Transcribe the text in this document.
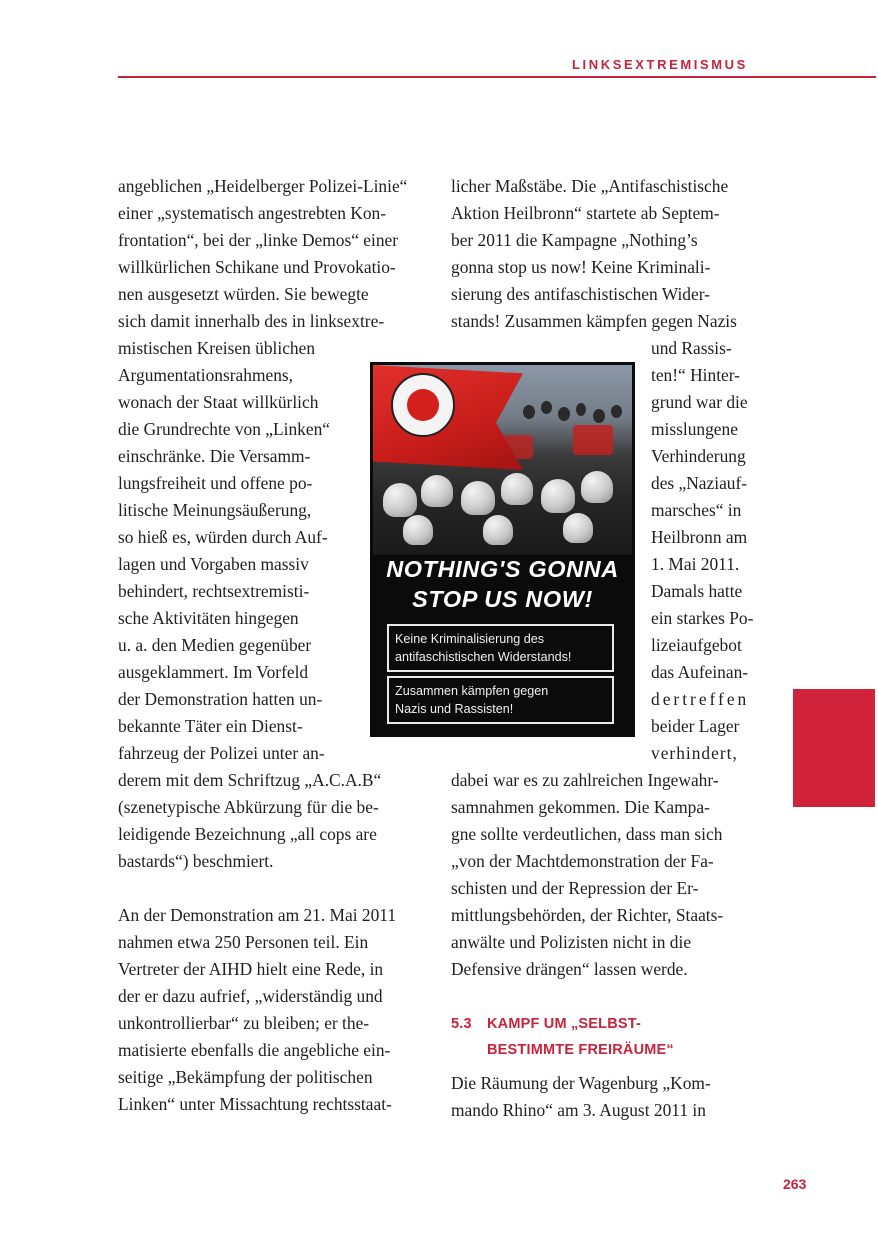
LINKSEXTREMISMUS
angeblichen „Heidelberger Polizei-Linie“
einer „systematisch angestrebten Kon-
frontation“, bei der „linke Demos“ einer
willkürlichen Schikane und Provokatio-
nen ausgesetzt würden. Sie bewegte
sich damit innerhalb des in linksextre-
mistischen Kreisen üblichen
Argumentationsrahmens,
wonach der Staat willkürlich
die Grundrechte von „Linken“
einschränke. Die Versamm-
lungsfreiheit und offene po-
litische Meinungsäußerung,
so hieß es, würden durch Auf-
lagen und Vorgaben massiv
behindert, rechtsextremisti-
sche Aktivitäten hingegen
u. a. den Medien gegenüber
ausgeklammert. Im Vorfeld
der Demonstration hatten un-
bekannte Täter ein Dienst-
fahrzeug der Polizei unter an-
derem mit dem Schriftzug „A.C.A.B“
(szenetypische Abkürzung für die be-
leidigende Bezeichnung „all cops are
bastards“) beschmiert.
An der Demonstration am 21. Mai 2011
nahmen etwa 250 Personen teil. Ein
Vertreter der AIHD hielt eine Rede, in
der er dazu aufrief, „widerständig und
unkontrollierbar“ zu bleiben; er the-
matisierte ebenfalls die angebliche ein-
seitige „Bekämpfung der politischen
Linken“ unter Missachtung rechtsstaat-
licher Maßstäbe. Die „Antifaschistische
Aktion Heilbronn“ startete ab Septem-
ber 2011 die Kampagne „Nothing’s
gonna stop us now! Keine Kriminali-
sierung des antifaschistischen Wider-
stands! Zusammen kämpfen gegen Nazis
und Rassis-
ten!“ Hinter-
grund war die
misslungene
Verhinderung
des „Naziauf-
marsches“ in
Heilbronn am
1. Mai 2011.
Damals hatte
ein starkes Po-
lizeiaufgebot
das Aufeinan-
dertreffen
beider Lager
verhindert,
dabei war es zu zahlreichen Ingewahr-
samnahmen gekommen. Die Kampa-
gne sollte verdeutlichen, dass man sich
„von der Machtdemonstration der Fa-
schisten und der Repression der Er-
mittlungsbehörden, der Richter, Staats-
anwälte und Polizisten nicht in die
Defensive drängen“ lassen werde.
5.3 KAMPF UM „SELBST-
BESTIMMTE FREIRÄUME“
Die Räumung der Wagenburg „Kom-
mando Rhino“ am 3. August 2011 in
NOTHING'S GONNA
STOP US NOW!
Keine Kriminalisierung des
antifaschistischen Widerstands!
Zusammen kämpfen gegen
Nazis und Rassisten!
263
